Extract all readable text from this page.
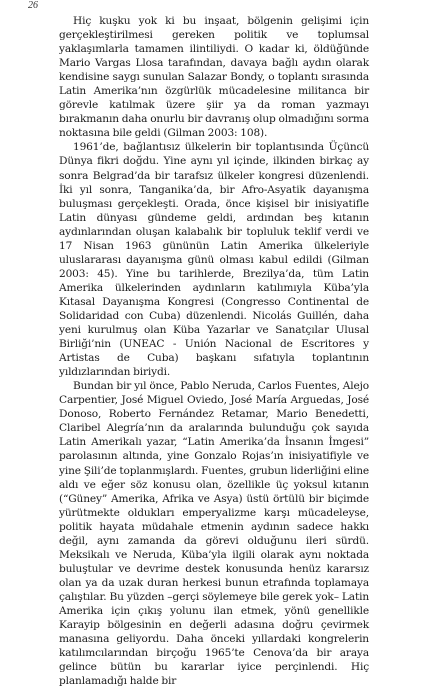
26

Hiç kuşku yok ki bu inşaat, bölgenin gelişimi için gerçekleştirilmesi gereken politik ve toplumsal yaklaşımlarla tamamen ilintiliydi. O kadar ki, öldüğünde Mario Vargas Llosa tarafından, davaya bağlı aydın olarak kendisine saygı sunulan Salazar Bondy, o toplantı sırasında Latin Amerika’nın özgürlük mücadelesine militanca bir görevle katılmak üzere şiir ya da roman yazmayı bırakmanın daha onurlu bir davranış olup olmadığını sorma noktasına bile geldi (Gilman 2003: 108).

1961’de, bağlantısız ülkelerin bir toplantısında Üçüncü Dünya fikri doğdu. Yine aynı yıl içinde, ilkinden birkaç ay sonra Belgrad’da bir tarafsız ülkeler kongresi düzenlendi. İki yıl sonra, Tanganika’da, bir Afro-Asyatik dayanışma buluşması gerçekleşti. Orada, önce kişisel bir inisiyatifle Latin dünyası gündeme geldi, ardından beş kıtanın aydınlarından oluşan kalabalık bir topluluk teklif verdi ve 17 Nisan 1963 gününün Latin Amerika ülkeleriyle uluslararası dayanışma günü olması kabul edildi (Gilman 2003: 45). Yine bu tarihlerde, Brezilya’da, tüm Latin Amerika ülkelerinden aydınların katılımıyla Küba’yla Kıtasal Dayanışma Kongresi (Congresso Continental de Solidaridad con Cuba) düzenlendi. Nicolás Guillén, daha yeni kurulmuş olan Küba Yazarlar ve Sanatçılar Ulusal Birliği’nin (UNEAC - Unión Nacional de Escritores y Artistas de Cuba) başkanı sıfatıyla toplantının yıldızlarından biriydi.

Bundan bir yıl önce, Pablo Neruda, Carlos Fuentes, Alejo Carpentier, José Miguel Oviedo, José María Arguedas, José Donoso, Roberto Fernández Retamar, Mario Benedetti, Claribel Alegría’nın da aralarında bulunduğu çok sayıda Latin Amerikalı yazar, “Latin Amerika’da İnsanın İmgesi” parolasının altında, yine Gonzalo Rojas’ın inisiyatifiyle ve yine Şili’de toplanmışlardı. Fuentes, grubun liderliğini eline aldı ve eğer söz konusu olan, özellikle üç yoksul kıtanın (“Güney” Amerika, Afrika ve Asya) üstü örtülü bir biçimde yürütmekte oldukları emperyalizme karşı mücadeleyse, politik hayata müdahale etmenin aydının sadece hakkı değil, aynı zamanda da görevi olduğunu ileri sürdü. Meksikalı ve Neruda, Küba’yla ilgili olarak aynı noktada buluştular ve devrime destek konusunda henüz kararsız olan ya da uzak duran herkesi bunun etrafında toplamaya çalıştılar. Bu yüzden –gerçi söylemeye bile gerek yok– Latin Amerika için çıkış yolunu ilan etmek, yönü genellikle Karayip bölgesinin en değerli adasına doğru çevirmek manasına geliyordu. Daha önceki yıllardaki kongrelerin katılımcılarından birçoğu 1965’te Cenova’da bir araya gelince bütün bu kararlar iyice perçinlendi. Hiç planlamadığı halde bir
